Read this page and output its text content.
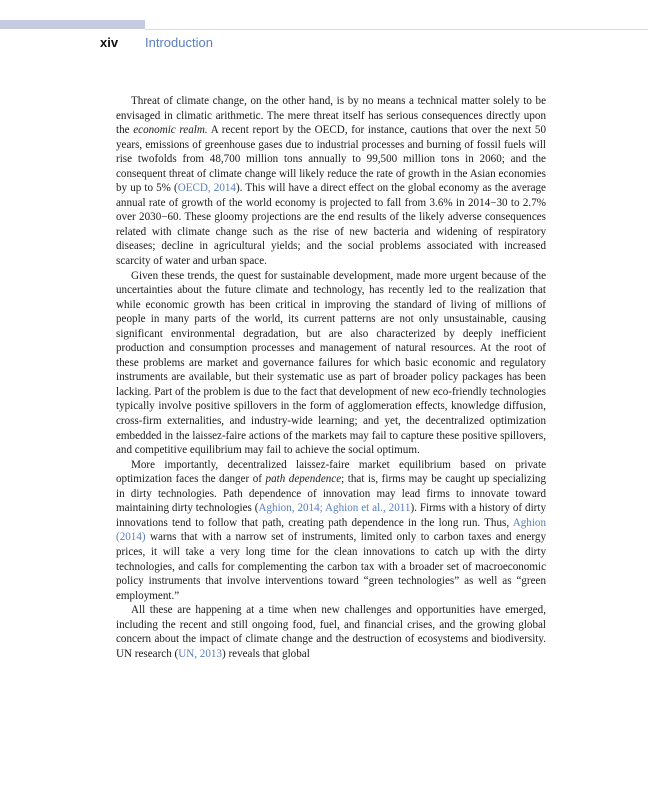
xiv Introduction

Threat of climate change, on the other hand, is by no means a technical matter solely to be envisaged in climatic arithmetic. The mere threat itself has serious consequences directly upon the economic realm. A recent report by the OECD, for instance, cautions that over the next 50 years, emissions of greenhouse gases due to industrial processes and burning of fossil fuels will rise twofolds from 48,700 million tons annually to 99,500 million tons in 2060; and the consequent threat of climate change will likely reduce the rate of growth in the Asian economies by up to 5% (OECD, 2014). This will have a direct effect on the global economy as the average annual rate of growth of the world economy is projected to fall from 3.6% in 2014−30 to 2.7% over 2030−60. These gloomy projections are the end results of the likely adverse consequences related with climate change such as the rise of new bacteria and widening of respiratory diseases; decline in agricultural yields; and the social problems associated with increased scarcity of water and urban space.

Given these trends, the quest for sustainable development, made more urgent because of the uncertainties about the future climate and technology, has recently led to the realization that while economic growth has been critical in improving the standard of living of millions of people in many parts of the world, its current patterns are not only unsustainable, causing significant environmental degradation, but are also characterized by deeply inefficient production and consumption processes and management of natural resources. At the root of these problems are market and governance failures for which basic economic and regulatory instruments are available, but their systematic use as part of broader policy packages has been lacking. Part of the problem is due to the fact that development of new eco-friendly technologies typically involve positive spillovers in the form of agglomeration effects, knowledge diffusion, cross-firm externalities, and industry-wide learning; and yet, the decentralized optimization embedded in the laissez-faire actions of the markets may fail to capture these positive spillovers, and competitive equilibrium may fail to achieve the social optimum.

More importantly, decentralized laissez-faire market equilibrium based on private optimization faces the danger of path dependence; that is, firms may be caught up specializing in dirty technologies. Path dependence of innovation may lead firms to innovate toward maintaining dirty technologies (Aghion, 2014; Aghion et al., 2011). Firms with a history of dirty innovations tend to follow that path, creating path dependence in the long run. Thus, Aghion (2014) warns that with a narrow set of instruments, limited only to carbon taxes and energy prices, it will take a very long time for the clean innovations to catch up with the dirty technologies, and calls for complementing the carbon tax with a broader set of macroeconomic policy instruments that involve interventions toward “green technologies” as well as “green employment.”

All these are happening at a time when new challenges and opportunities have emerged, including the recent and still ongoing food, fuel, and financial crises, and the growing global concern about the impact of climate change and the destruction of ecosystems and biodiversity. UN research (UN, 2013) reveals that global
